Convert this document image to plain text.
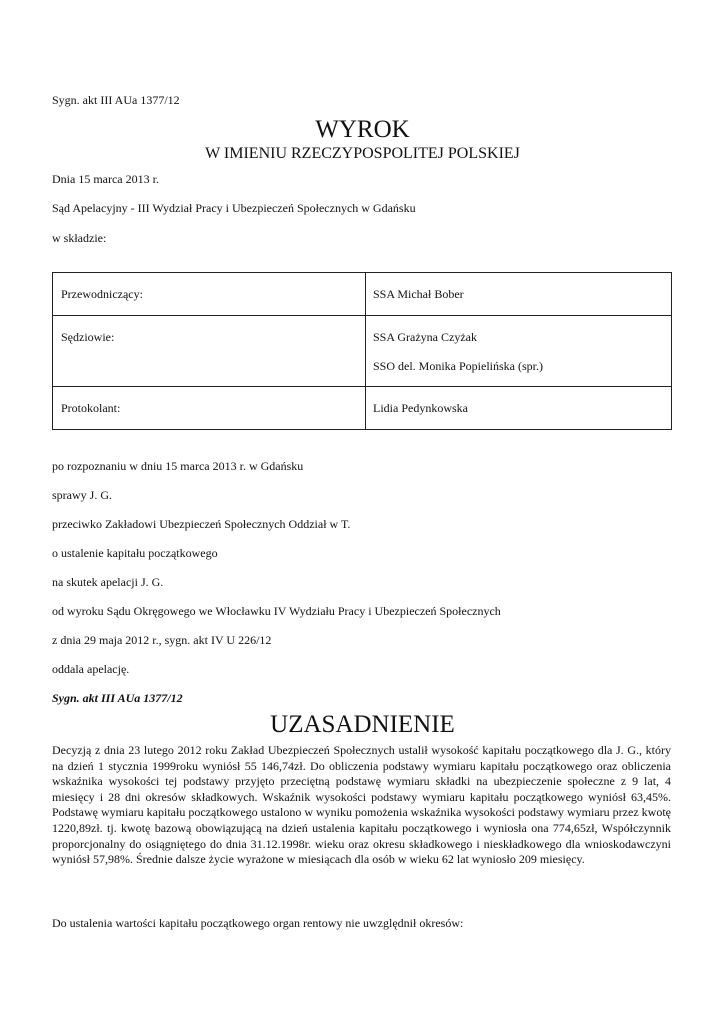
Sygn. akt III AUa 1377/12
WYROK
W IMIENIU RZECZYPOSPOLITEJ POLSKIEJ
Dnia 15 marca 2013 r.
Sąd Apelacyjny - III Wydział Pracy i Ubezpieczeń Społecznych w Gdańsku
w składzie:
Przewodniczący:	SSA Michał Bober
Sędziowie:	SSA Grażyna Czyżak
SSO del. Monika Popielińska (spr.)
Protokolant:	Lidia Pedynkowska
po rozpoznaniu w dniu 15 marca 2013 r. w Gdańsku
sprawy J. G.
przeciwko Zakładowi Ubezpieczeń Społecznych Oddział w T.
o ustalenie kapitału początkowego
na skutek apelacji J. G.
od wyroku Sądu Okręgowego we Włocławku IV Wydziału Pracy i Ubezpieczeń Społecznych
z dnia 29 maja 2012 r., sygn. akt IV U 226/12
oddala apelację.
Sygn. akt III AUa 1377/12
UZASADNIENIE
Decyzją z dnia 23 lutego 2012 roku Zakład Ubezpieczeń Społecznych ustalił wysokość kapitału początkowego dla J. G., który na dzień 1 stycznia 1999roku wyniósł 55 146,74zł. Do obliczenia podstawy wymiaru kapitału początkowego oraz obliczenia wskaźnika wysokości tej podstawy przyjęto przeciętną podstawę wymiaru składki na ubezpieczenie społeczne z 9 lat, 4 miesięcy i 28 dni okresów składkowych. Wskaźnik wysokości podstawy wymiaru kapitału początkowego wyniósł 63,45%. Podstawę wymiaru kapitału początkowego ustalono w wyniku pomożenia wskaźnika wysokości podstawy wymiaru przez kwotę 1220,89zł. tj. kwotę bazową obowiązującą na dzień ustalenia kapitału początkowego i wyniosła ona 774,65zł, Współczynnik proporcjonalny do osiągniętego do dnia 31.12.1998r. wieku oraz okresu składkowego i nieskładkowego dla wnioskodawczyni wyniósł 57,98%. Średnie dalsze życie wyrażone w miesiącach dla osób w wieku 62 lat wyniosło 209 miesięcy.
Do ustalenia wartości kapitału początkowego organ rentowy nie uwzględnił okresów:
